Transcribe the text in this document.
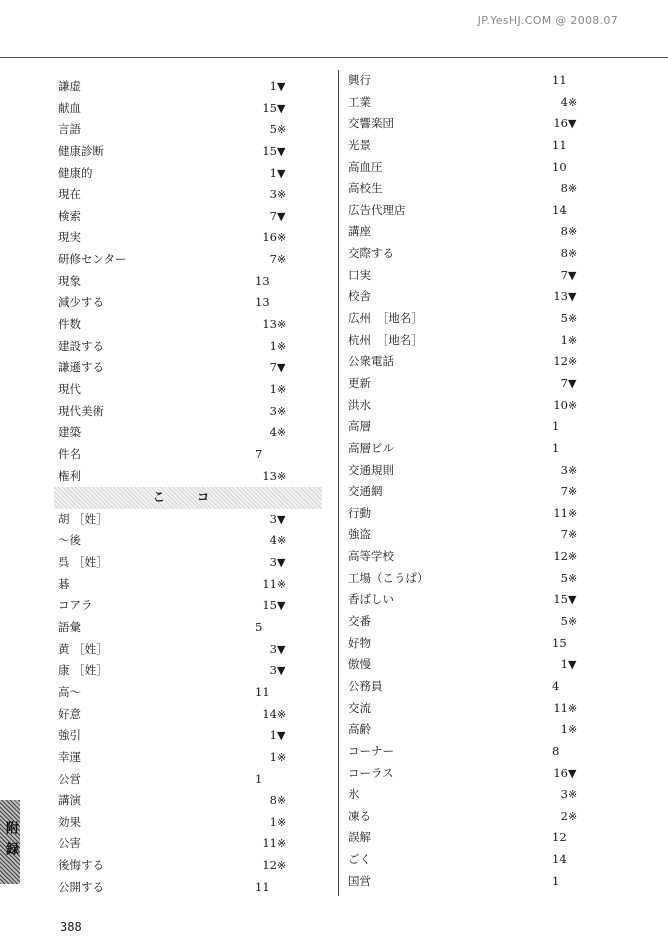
JP.YesHJ.COM @ 2008.07
謙虚	1▼
献血	15▼
言語	5※
健康診断	15▼
健康的	1▼
現在	3※
検索	7▼
現実	16※
研修センター	7※
現象	13
減少する	13
件数	13※
建設する	1※
謙遜する	7▼
現代	1※
現代美術	3※
建築	4※
件名	7
権利	13※
こ コ
胡 ［姓］	3▼
～後	4※
呉 ［姓］	3▼
碁	11※
コアラ	15▼
語彙	5
黄 ［姓］	3▼
康 ［姓］	3▼
高～	11
好意	14※
強引	1▼
幸運	1※
公営	1
講演	8※
効果	1※
公害	11※
後悔する	12※
公開する	11
興行	11
工業	4※
交響楽団	16▼
光景	11
高血圧	10
高校生	8※
広告代理店	14
講座	8※
交際する	8※
口実	7▼
校舎	13▼
広州　［地名］	5※
杭州　［地名］	1※
公衆電話	12※
更新	7▼
洪水	10※
高層	1
高層ビル	1
交通規則	3※
交通網	7※
行動	11※
強盗	7※
高等学校	12※
工場（こうば）	5※
香ばしい	15▼
交番	5※
好物	15
傲慢	1▼
公務員	4
交流	11※
高齢	1※
コーナー	8
コーラス	16▼
氷	3※
凍る	2※
誤解	12
ごく	14
国営	1
附録
388
